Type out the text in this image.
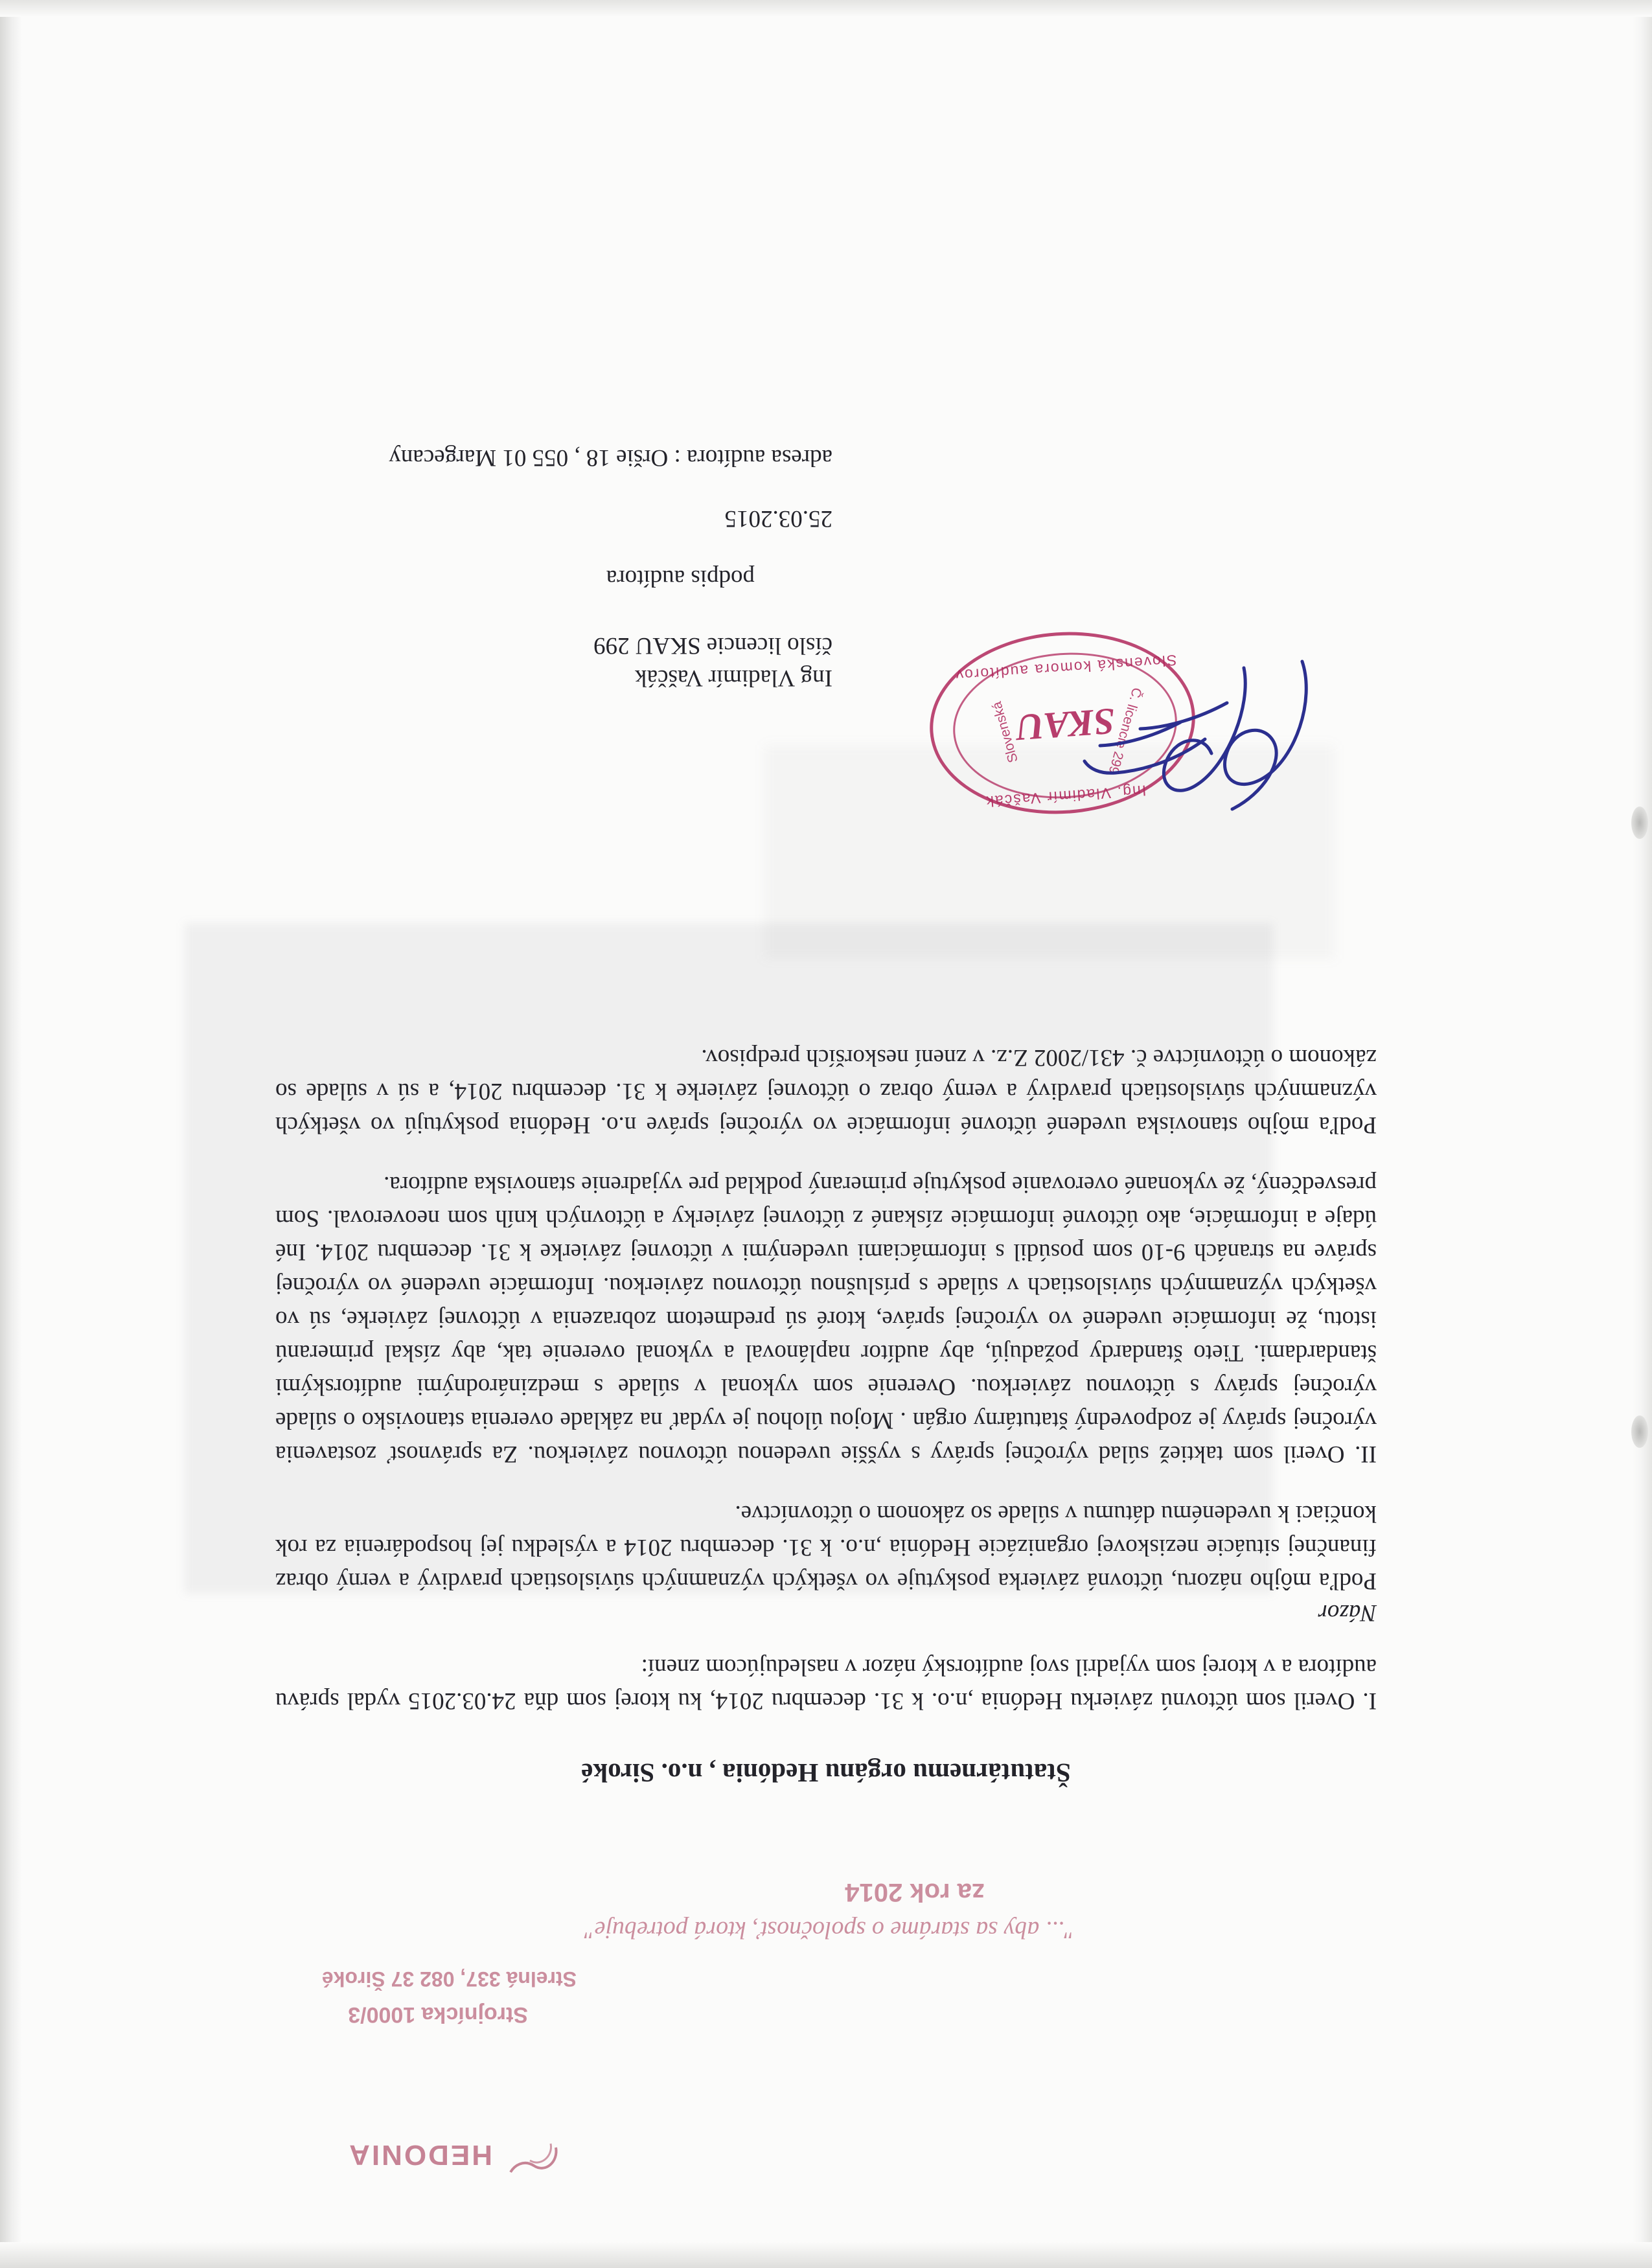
HEDONIA
Strojnícka 1000/3
Strelná 337, 082 37 Široké
"... aby sa staráme o spoločnosť, ktorá potrebuje"
za rok 2014
Štatutárnemu orgánu Hedónia , n.o. Siroké

I. Overil som účtovnú závierku Hedónia ,n.o. k 31. decembru 2014, ku ktorej som dňa 24.03.2015 vydal správu audítora a v ktorej som vyjadril svoj audítorský názor v nasledujúcom znení:

Názor

Podľa môjho názoru, účtovná závierka poskytuje vo všetkých významných súvislostiach pravdivý a verný obraz finančnej situácie neziskovej organizácie Hedónia ,n.o. k 31. decembru 2014 a výsledku jej hospodárenia za rok končiaci k uvedenému dátumu v súlade so zákonom o účtovníctve.

II. Overil som taktiež súlad výročnej správy s vyššie uvedenou účtovnou závierkou. Za správnosť zostavenia výročnej správy je zodpovedný štatutárny orgán . Mojou úlohou je vydať na základe overenia stanovisko o súlade výročnej správy s účtovnou závierkou. Overenie som vykonal v súlade s medzinárodnými audítorskými štandardami. Tieto štandardy požadujú, aby audítor naplánoval a vykonal overenie tak, aby získal primeranú istotu, že informácie uvedené vo výročnej správe, ktoré sú predmetom zobrazenia v účtovnej závierke, sú vo všetkých významných súvislostiach v súlade s príslušnou účtovnou závierkou. Informácie uvedené vo výročnej správe na stranách 9-10 som posúdil s informáciami uvedenými v účtovnej závierke k 31. decembru 2014. Iné údaje a informácie, ako účtovné informácie získané z účtovnej závierky a účtovných kníh som neoveroval. Som presvedčený, že vykonané overovanie poskytuje primeraný podklad pre vyjadrenie stanoviska audítora.

Podľa môjho stanoviska uvedené účtovné informácie vo výročnej správe n.o. Hedónia poskytujú vo všetkých významných súvislostiach pravdivý a verný obraz o účtovnej závierke k 31. decembru 2014, a sú v súlade so zákonom o účtovníctve č. 431/2002 Z.z. v znení neskorších predpisov.

Ing Vladimír Vaščák

číslo licencie SKAU 299

podpis audítora

25.03.2015

adresa audítora : Oršie 18 , 055 01 Margecany

Ing. Vladimír Vaščák
SKAU
Slovenská komora audítorov
Č. licencie 299
Slovenská
